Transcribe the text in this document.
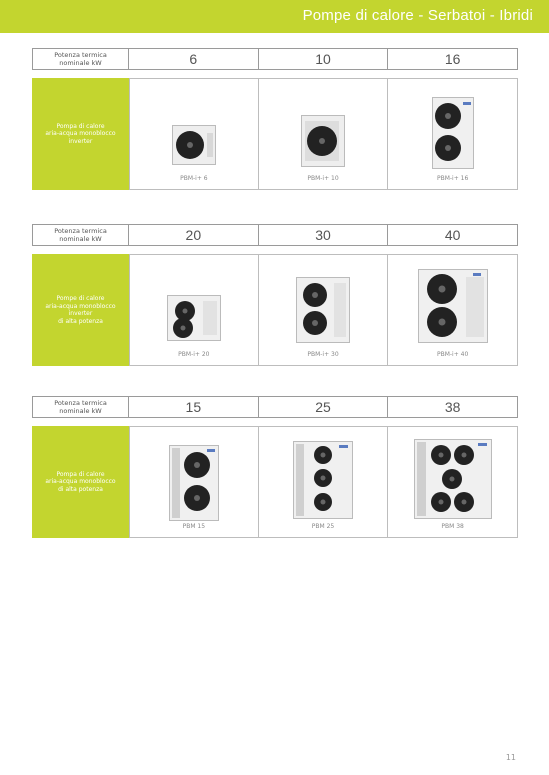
Pompe di calore - Serbatoi - Ibridi
Potenza termica
nominale kW	6	10	16
Pompa di calore
aria-acqua monoblocco
inverter
PBM-i+ 6	PBM-i+ 10	PBM-i+ 16
Potenza termica
nominale kW	20	30	40
Pompe di calore
aria-acqua monoblocco
inverter
di alta potenza
PBM-i+ 20	PBM-i+ 30	PBM-i+ 40
Potenza termica
nominale kW	15	25	38
Pompa di calore
aria-acqua monoblocco
di alta potenza
PBM 15	PBM 25	PBM 38
11
